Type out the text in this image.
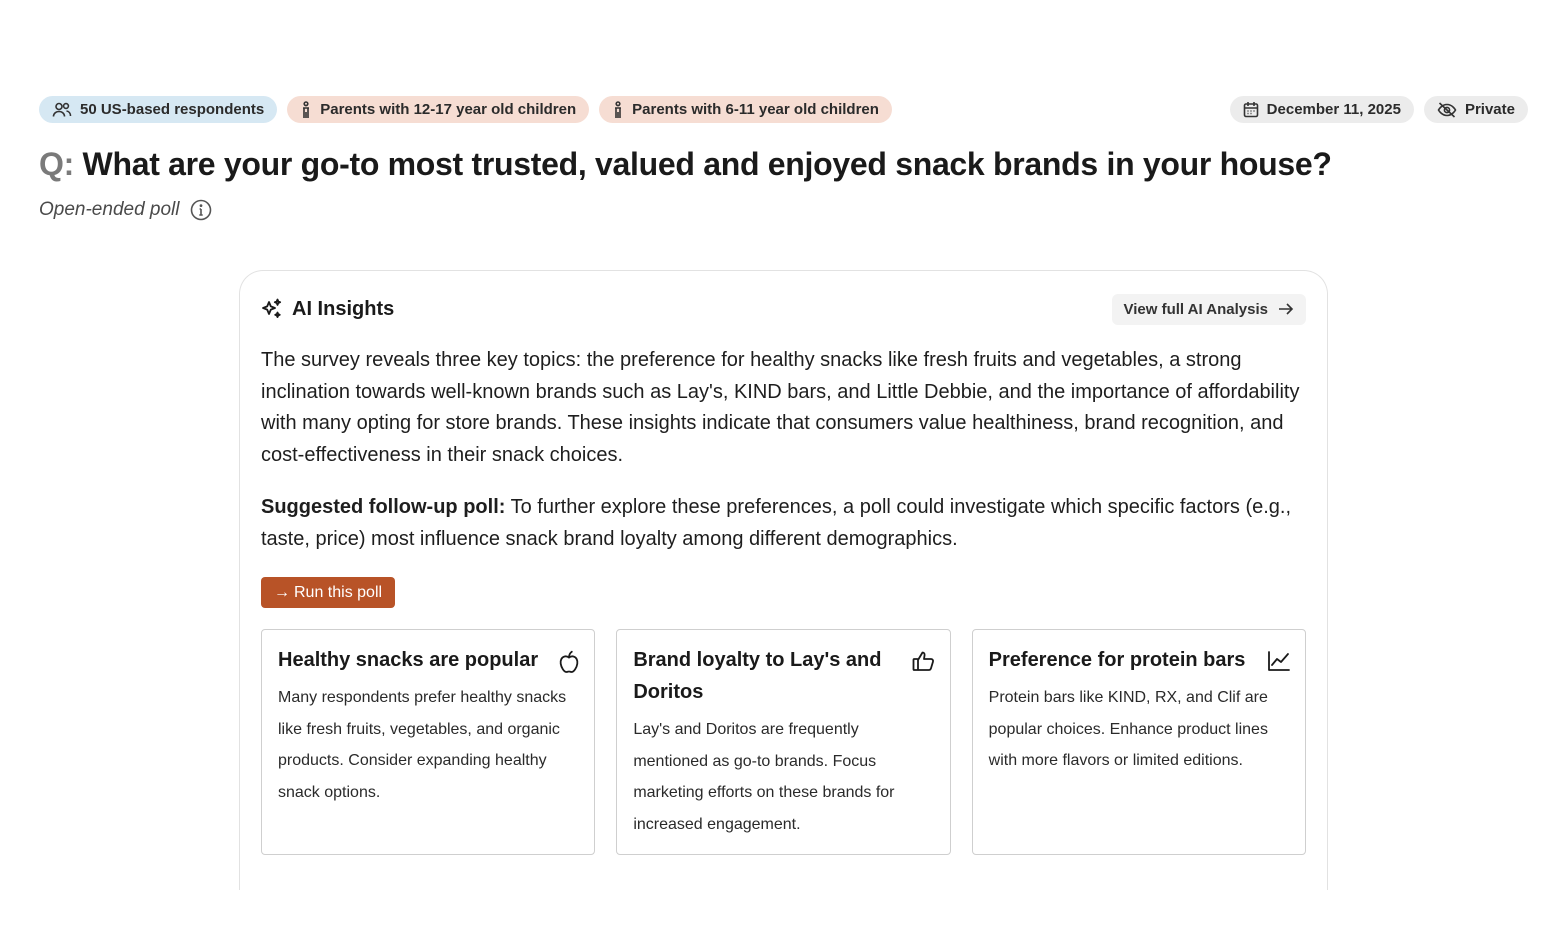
50 US-based respondents	Parents with 12-17 year old children	Parents with 6-11 year old children	December 11, 2025	Private
Q: What are your go-to most trusted, valued and enjoyed snack brands in your house?
Open-ended poll
AI Insights	View full AI Analysis

The survey reveals three key topics: the preference for healthy snacks like fresh fruits and vegetables, a strong inclination towards well-known brands such as Lay's, KIND bars, and Little Debbie, and the importance of affordability with many opting for store brands. These insights indicate that consumers value healthiness, brand recognition, and cost-effectiveness in their snack choices.

Suggested follow-up poll: To further explore these preferences, a poll could investigate which specific factors (e.g., taste, price) most influence snack brand loyalty among different demographics.

→ Run this poll
Healthy snacks are popular

Many respondents prefer healthy snacks like fresh fruits, vegetables, and organic products. Consider expanding healthy snack options.

Brand loyalty to Lay's and Doritos

Lay's and Doritos are frequently mentioned as go-to brands. Focus marketing efforts on these brands for increased engagement.

Preference for protein bars

Protein bars like KIND, RX, and Clif are popular choices. Enhance product lines with more flavors or limited editions.
